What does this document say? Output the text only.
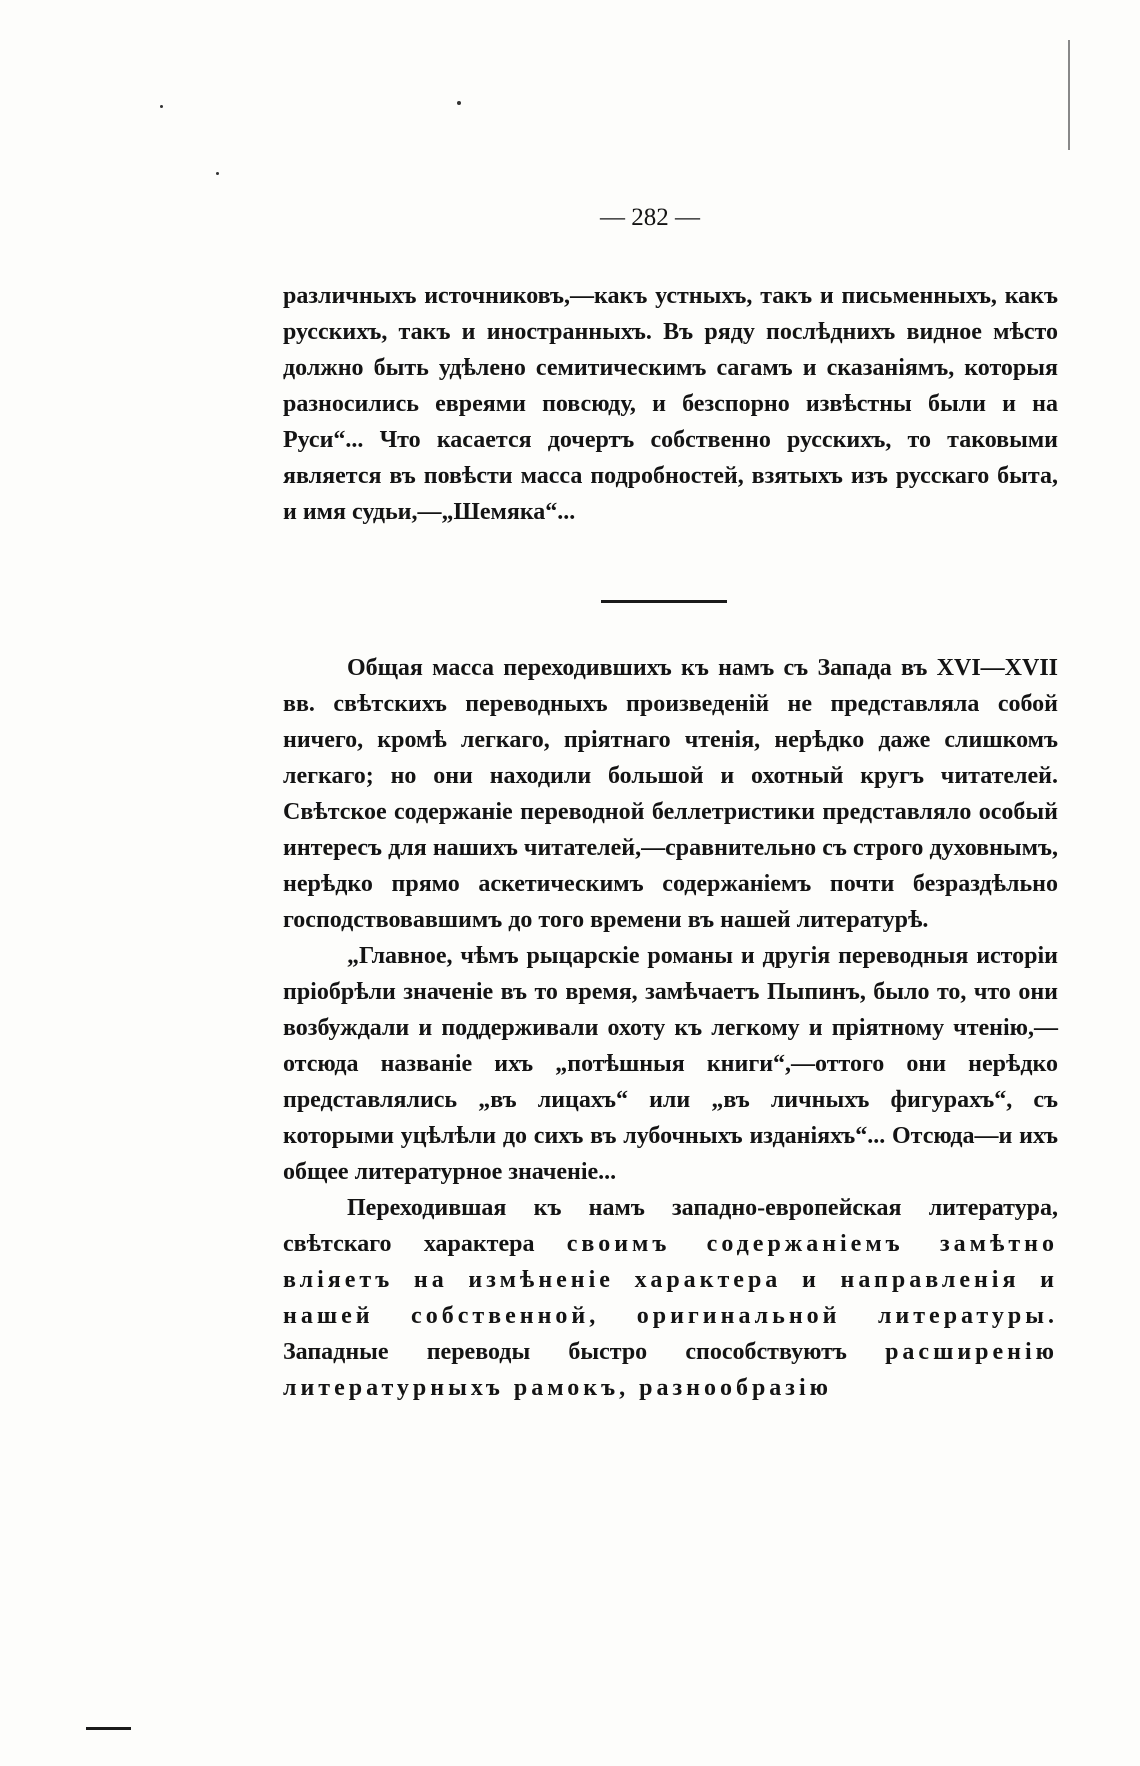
— 282 —

различныхъ источниковъ,—какъ устныхъ, такъ и письменныхъ, какъ русскихъ, такъ и иностранныхъ. Въ ряду послѣднихъ видное мѣсто должно быть удѣлено семитическимъ сагамъ и сказаніямъ, которыя разносились евреями повсюду, и безспорно извѣстны были и на Руси“... Что касается дочертъ собственно русскихъ, то таковыми является въ повѣсти масса подробностей, взятыхъ изъ русскаго быта, и имя судьи,—„Шемяка“...

Общая масса переходившихъ къ намъ съ Запада въ XVI—XVII вв. свѣтскихъ переводныхъ произведенiй не представляла собой ничего, кромѣ легкаго, прiятнаго чтенiя, нерѣдко даже слишкомъ легкаго; но они находили большой и охотный кругъ читателей. Свѣтское содержанiе переводной беллетристики представляло особый интересъ для нашихъ читателей,—сравнительно съ строго духовнымъ, нерѣдко прямо аскетическимъ содержанiемъ почти безраздѣльно господствовавшимъ до того времени въ нашей литературѣ.

„Главное, чѣмъ рыцарскiе романы и другiя переводныя исторiи прiобрѣли значенiе въ то время, замѣчаетъ Пыпинъ, было то, что они возбуждали и поддерживали охоту къ легкому и прiятному чтенiю,—отсюда названiе ихъ „потѣшныя книги“,—оттого они нерѣдко представлялись „въ лицахъ“ или „въ личныхъ фигурахъ“, съ которыми уцѣлѣли до сихъ въ лубочныхъ изданiяхъ“... Отсюда—и ихъ общее литературное значенiе...

Переходившая къ намъ западно-европейская литература, свѣтскаго характера своимъ содержанiемъ замѣтно влiяетъ на измѣненiе характера и направленiя и нашей собственной, оригинальной литературы. Западные переводы быстро способствуютъ расширенiю литературныхъ рамокъ, разнообразiю
